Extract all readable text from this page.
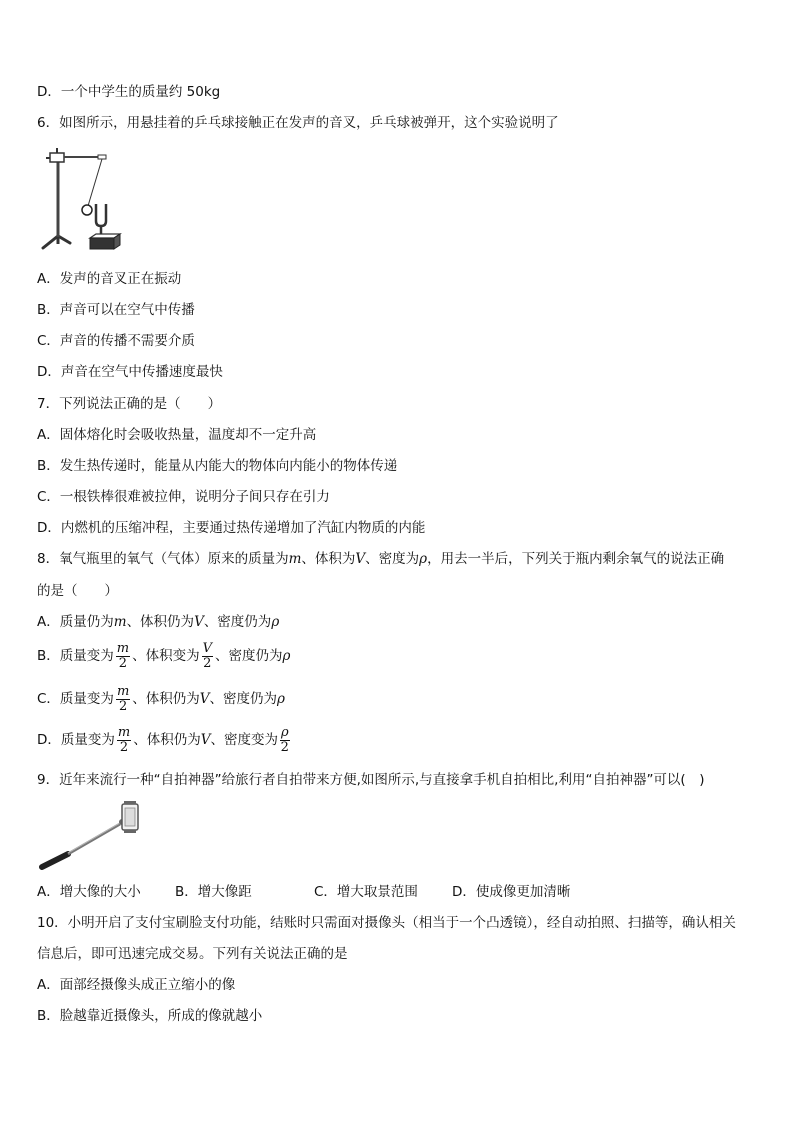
D．一个中学生的质量约 50kg
6．如图所示，用悬挂着的乒乓球接触正在发声的音叉，乒乓球被弹开，这个实验说明了
A．发声的音叉正在振动
B．声音可以在空气中传播
C．声音的传播不需要介质
D．声音在空气中传播速度最快
7．下列说法正确的是（　　）
A．固体熔化时会吸收热量，温度却不一定升高
B．发生热传递时，能量从内能大的物体向内能小的物体传递
C．一根铁棒很难被拉伸，说明分子间只存在引力
D．内燃机的压缩冲程，主要通过热传递增加了汽缸内物质的内能
8．氧气瓶里的氧气（气体）原来的质量为m、体积为V、密度为ρ，用去一半后，下列关于瓶内剩余氧气的说法正确
的是（　　）
A．质量仍为m、体积仍为V、密度仍为ρ
B．质量变为 $\frac{m}{2}$ 、体积变为 $\frac{V}{2}$ 、密度仍为ρ
C．质量变为 $\frac{m}{2}$ 、体积仍为V、密度仍为ρ
D．质量变为 $\frac{m}{2}$ 、体积仍为V、密度变为 $\frac{\rho}{2}$
9．近年来流行一种“自拍神器”给旅行者自拍带来方便,如图所示,与直接拿手机自拍相比,利用“自拍神器”可以(　)
A．增大像的大小	B．增大像距	C．增大取景范围	D．使成像更加清晰
10．小明开启了支付宝刷脸支付功能，结账时只需面对摄像头（相当于一个凸透镜），经自动拍照、扫描等，确认相关
信息后，即可迅速完成交易。下列有关说法正确的是
A．面部经摄像头成正立缩小的像
B．脸越靠近摄像头，所成的像就越小
